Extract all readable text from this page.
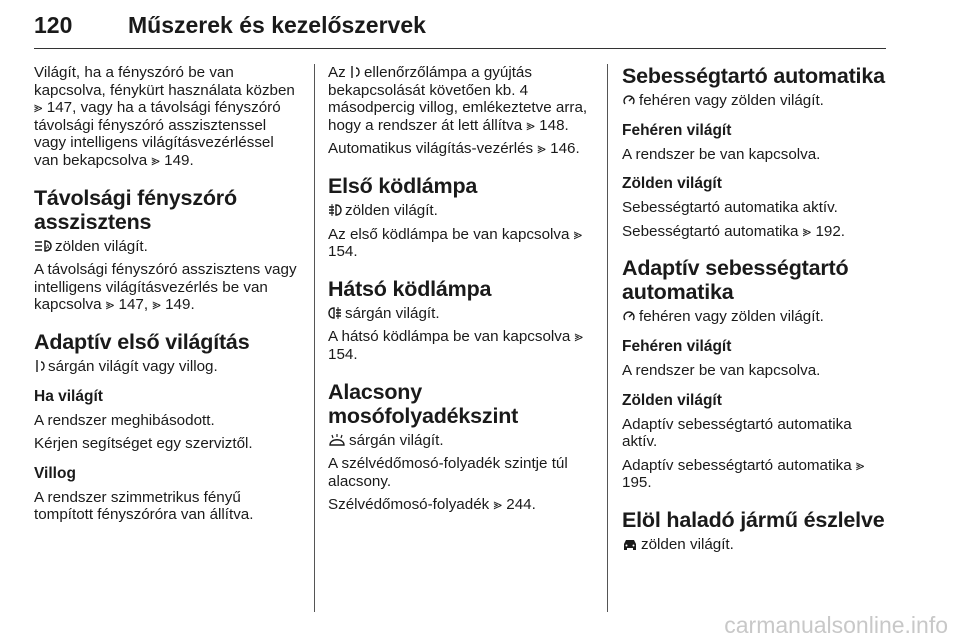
120 Műszerek és kezelőszervek

Világít, ha a fényszóró be van kapcsolva, fénykürt használata közben ⪢ 147, vagy ha a távolsági fényszóró távolsági fényszóró asszisztenssel vagy intelligens világításvezérléssel van bekapcsolva ⪢ 149.

Távolsági fényszóró asszisztens

A zölden világít.

A távolsági fényszóró asszisztens vagy intelligens világításvezérlés be van kapcsolva ⪢ 147, ⪢ 149.

Adaptív első világítás

sárgán világít vagy villog.

Ha világít

A rendszer meghibásodott.

Kérjen segítséget egy szerviztől.

Villog

A rendszer szimmetrikus fényű tompított fényszóróra van állítva.

Az ellenőrzőlámpa a gyújtás bekapcsolását követően kb. 4 másodpercig villog, emlékeztetve arra, hogy a rendszer át lett állítva ⪢ 148.

Automatikus világítás-vezérlés ⪢ 146.

Első ködlámpa

zölden világít.

Az első ködlámpa be van kapcsolva ⪢ 154.

Hátsó ködlámpa

sárgán világít.

A hátsó ködlámpa be van kapcsolva ⪢ 154.

Alacsony mosófolyadékszint

sárgán világít.

A szélvédőmosó-folyadék szintje túl alacsony.

Szélvédőmosó-folyadék ⪢ 244.

Sebességtartó automatika

fehéren vagy zölden világít.

Fehéren világít

A rendszer be van kapcsolva.

Zölden világít

Sebességtartó automatika aktív.

Sebességtartó automatika ⪢ 192.

Adaptív sebességtartó automatika

fehéren vagy zölden világít.

Fehéren világít

A rendszer be van kapcsolva.

Zölden világít

Adaptív sebességtartó automatika aktív.

Adaptív sebességtartó automatika ⪢ 195.

Elöl haladó jármű észlelve

zölden világít.

carmanualsonline.info
